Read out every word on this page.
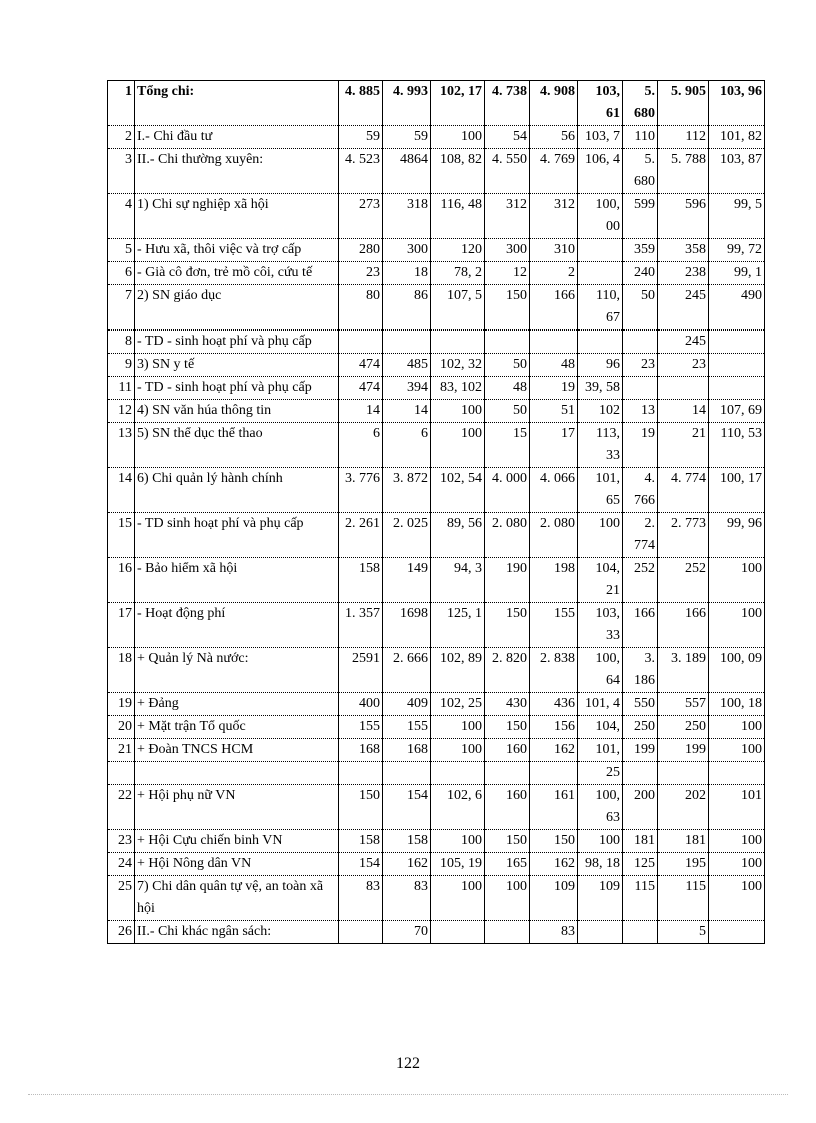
1	Tổng chi:	4. 885	4. 993	102, 17	4. 738	4. 908	103, 61	5. 680	5. 905	103, 96
2	I.- Chi đầu tư	59	59	100	54	56	103, 7	110	112	101, 82
3	II.- Chi thường xuyên:	4. 523	4864	108, 82	4. 550	4. 769	106, 4	5. 680	5. 788	103, 87
4	1) Chi sự nghiệp xã hội	273	318	116, 48	312	312	100, 00	599	596	99, 5
5	- Hưu xã, thôi việc và trợ cấp	280	300	120	300	310		359	358	99, 72
6	- Già cô đơn, trẻ mồ côi, cứu tế	23	18	78, 2	12	2		240	238	99, 1
7	2) SN giáo dục	80	86	107, 5	150	166	110, 67	50	245	490

8	- TD - sinh hoạt phí và phụ cấp								245	
9	3) SN y tế	474	485	102, 32	50	48	96	23	23	
11	- TD - sinh hoạt phí và phụ cấp	474	394	83, 102	48	19	39, 58			
12	4) SN văn húa thông tin	14	14	100	50	51	102	13	14	107, 69
13	5) SN thể dục thể thao	6	6	100	15	17	113, 33	19	21	110, 53
14	6) Chi quản lý hành chính	3. 776	3. 872	102, 54	4. 000	4. 066	101, 65	4. 766	4. 774	100, 17
15	- TD sinh hoạt phí và phụ cấp	2. 261	2. 025	89, 56	2. 080	2. 080	100	2. 774	2. 773	99, 96
16	- Bảo hiểm xã hội	158	149	94, 3	190	198	104, 21	252	252	100
17	- Hoạt động phí	1. 357	1698	125, 1	150	155	103, 33	166	166	100
18	+ Quản lý Nà nước:	2591	2. 666	102, 89	2. 820	2. 838	100, 64	3. 186	3. 189	100, 09
19	+ Đảng	400	409	102, 25	430	436	101, 4	550	557	100, 18
20	+ Mặt trận Tổ quốc	155	155	100	150	156	104,	250	250	100
21	+ Đoàn TNCS HCM	168	168	100	160	162	101,	199	199	100
							25			
22	+ Hội phụ nữ VN	150	154	102, 6	160	161	100, 63	200	202	101
23	+ Hội Cựu chiến binh VN	158	158	100	150	150	100	181	181	100
24	+ Hội Nông dân VN	154	162	105, 19	165	162	98, 18	125	195	100
25	7) Chi dân quân tự vệ, an toàn xã hội	83	83	100	100	109	109	115	115	100
26	II.- Chi khác ngân sách:		70			83			5	
122
